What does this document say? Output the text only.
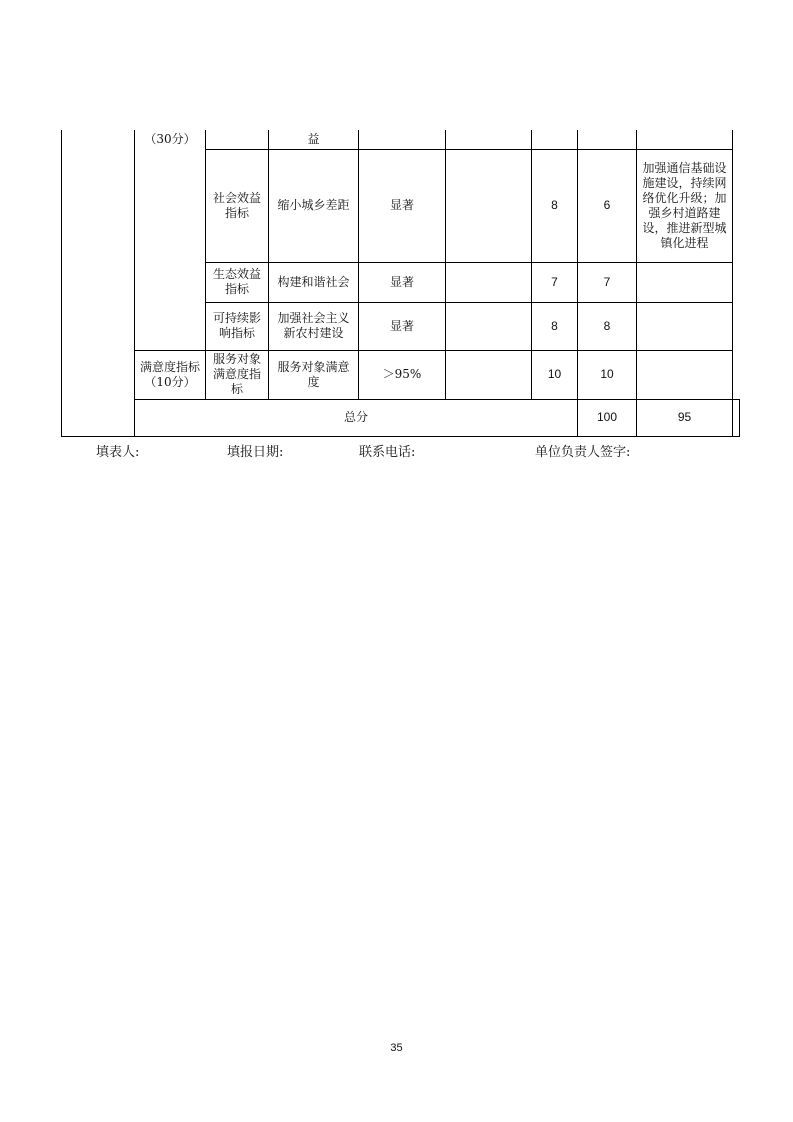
	（30分）		益						
		社会效益指标	缩小城乡差距	显著		8	6	加强通信基础设施建设，持续网络优化升级；加强乡村道路建设，推进新型城镇化进程	
		生态效益指标	构建和谐社会	显著		7	7		
		可持续影响指标	加强社会主义新农村建设	显著		8	8		
	满意度指标（10分）	服务对象满意度指标	服务对象满意度	＞95%		10	10		
	总分						100	95	
填表人:	填报日期:	联系电话:	单位负责人签字:
35
